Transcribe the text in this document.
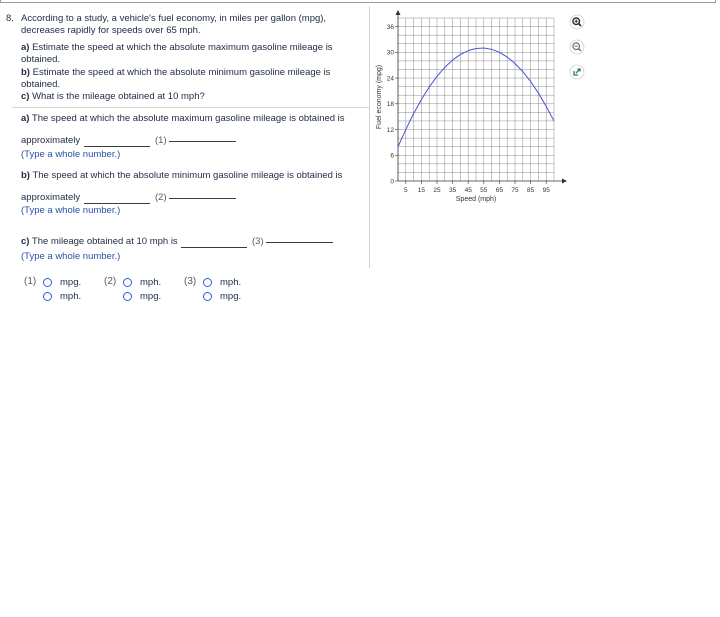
8. According to a study, a vehicle's fuel economy, in miles per gallon (mpg), decreases rapidly for speeds over 65 mph.
a) Estimate the speed at which the absolute maximum gasoline mileage is obtained.
b) Estimate the speed at which the absolute minimum gasoline mileage is obtained.
c) What is the mileage obtained at 10 mph?
a) The speed at which the absolute maximum gasoline mileage is obtained is
approximately	(1)
(Type a whole number.)
b) The speed at which the absolute minimum gasoline mileage is obtained is
approximately	(2)
(Type a whole number.)
c) The mileage obtained at 10 mph is	(3)
(Type a whole number.)
(1)	mpg.
mph.
(2)	mph.
mpg.
(3)	mph.
mpg.
5 15 25 35 45 55 65 75 85 95
0
6
12
18
24
30
36
Speed (mph)
Fuel economy (mpg)
